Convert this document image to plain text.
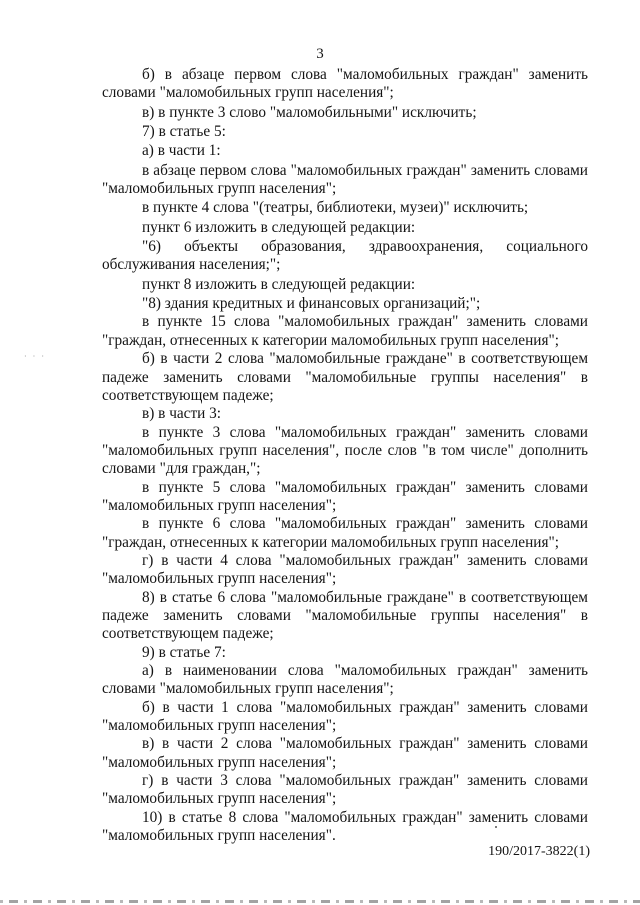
3
· · ·

б) в абзаце первом слова "маломобильных граждан" заменить словами "маломобильных групп населения";

в) в пункте 3 слово "маломобильными" исключить;

7) в статье 5:

а) в части 1:

в абзаце первом слова "маломобильных граждан" заменить словами "маломобильных групп населения";

в пункте 4 слова "(театры, библиотеки, музеи)" исключить;

пункт 6 изложить в следующей редакции:

"6) объекты образования, здравоохранения, социального обслуживания населения;";

пункт 8 изложить в следующей редакции:

"8) здания кредитных и финансовых организаций;";

в пункте 15 слова "маломобильных граждан" заменить словами "граждан, отнесенных к категории маломобильных групп населения";

б) в части 2 слова "маломобильные граждане" в соответствующем падеже заменить словами "маломобильные группы населения" в соответствующем падеже;

в) в части 3:

в пункте 3 слова "маломобильных граждан" заменить словами "маломобильных групп населения", после слов "в том числе" дополнить словами "для граждан,";

в пункте 5 слова "маломобильных граждан" заменить словами "маломобильных групп населения";

в пункте 6 слова "маломобильных граждан" заменить словами "граждан, отнесенных к категории маломобильных групп населения";

г) в части 4 слова "маломобильных граждан" заменить словами "маломобильных групп населения";

8) в статье 6 слова "маломобильные граждане" в соответствующем падеже заменить словами "маломобильные группы населения" в соответствующем падеже;

9) в статье 7:

а) в наименовании слова "маломобильных граждан" заменить словами "маломобильных групп населения";

б) в части 1 слова "маломобильных граждан" заменить словами "маломобильных групп населения";

в) в части 2 слова "маломобильных граждан" заменить словами "маломобильных групп населения";

г) в части 3 слова "маломобильных граждан" заменить словами "маломобильных групп населения";

10) в статье 8 слова "маломобильных граждан" заменить словами "маломобильных групп населения".

190/2017-3822(1)
